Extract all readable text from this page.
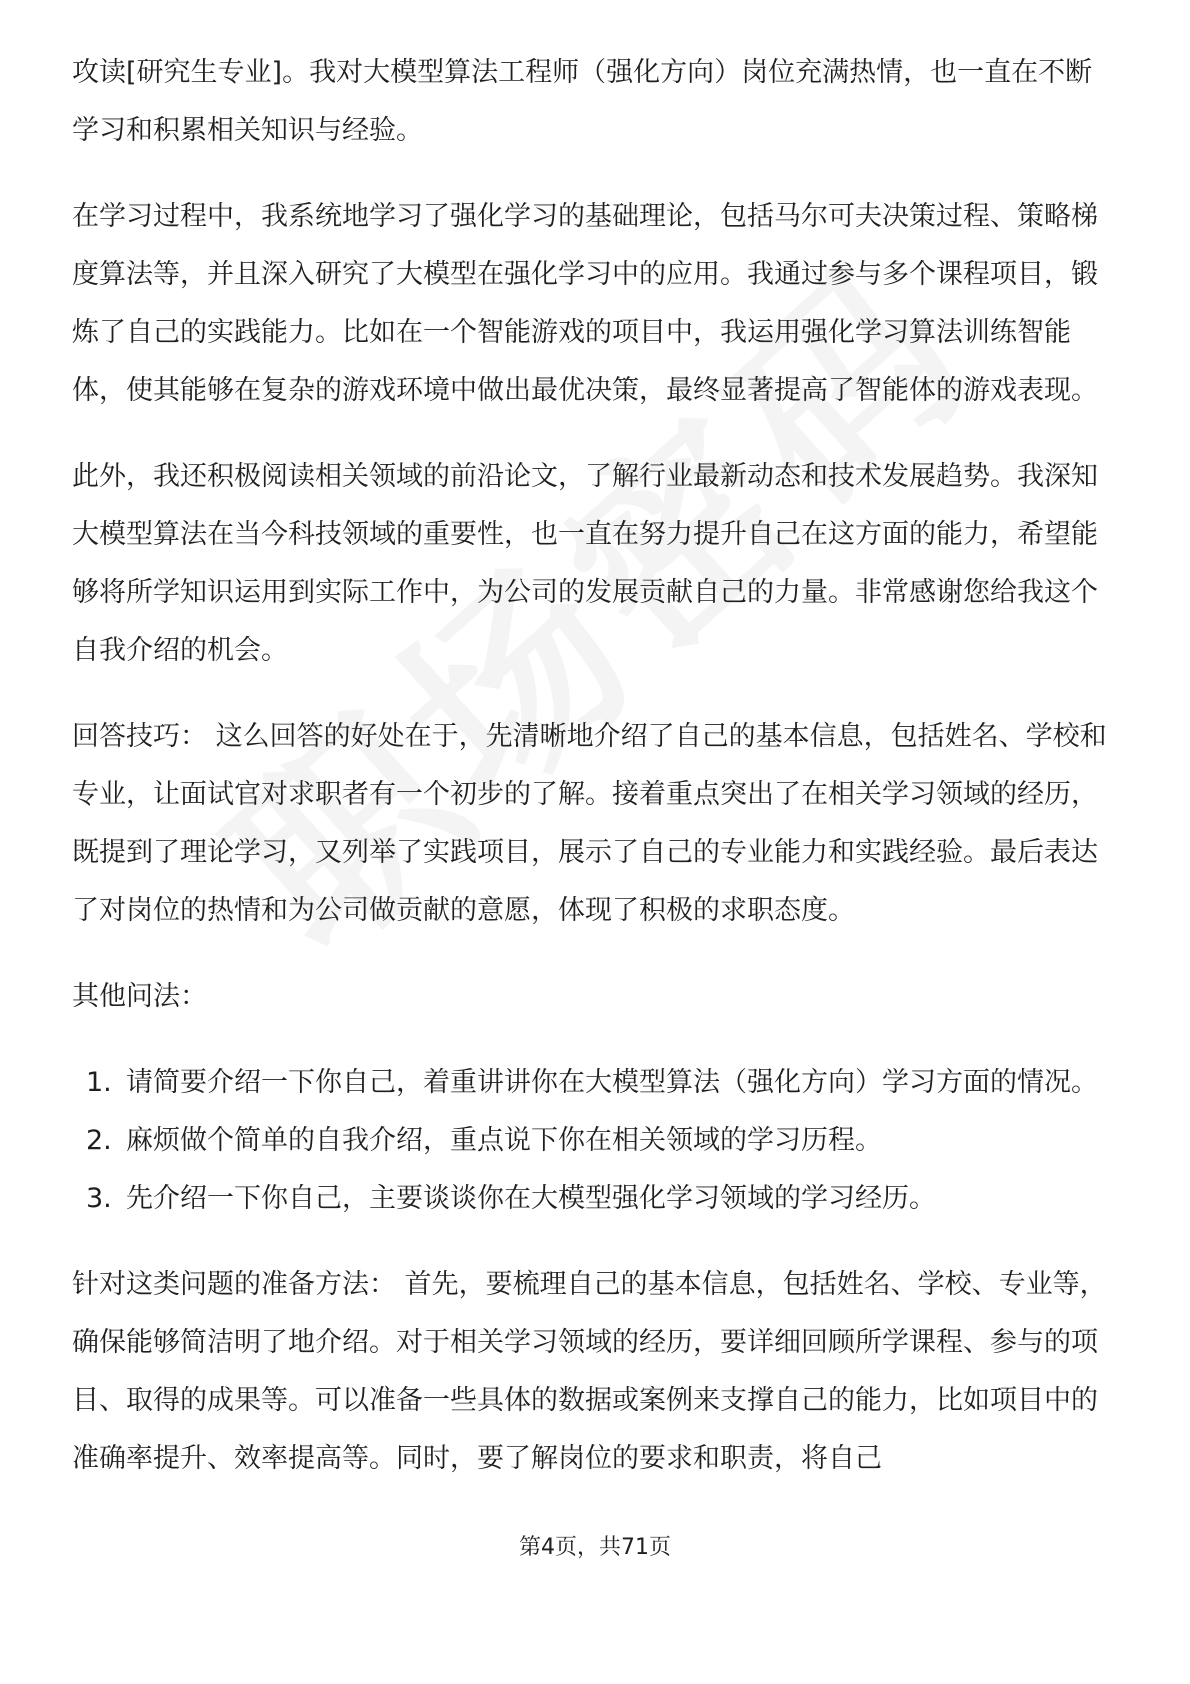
攻读[研究生专业]。我对大模型算法工程师（强化方向）岗位充满热情，也一直在不断学习和积累相关知识与经验。

在学习过程中，我系统地学习了强化学习的基础理论，包括马尔可夫决策过程、策略梯度算法等，并且深入研究了大模型在强化学习中的应用。我通过参与多个课程项目，锻炼了自己的实践能力。比如在一个智能游戏的项目中，我运用强化学习算法训练智能体，使其能够在复杂的游戏环境中做出最优决策，最终显著提高了智能体的游戏表现。

此外，我还积极阅读相关领域的前沿论文，了解行业最新动态和技术发展趋势。我深知大模型算法在当今科技领域的重要性，也一直在努力提升自己在这方面的能力，希望能够将所学知识运用到实际工作中，为公司的发展贡献自己的力量。非常感谢您给我这个自我介绍的机会。

回答技巧： 这么回答的好处在于，先清晰地介绍了自己的基本信息，包括姓名、学校和专业，让面试官对求职者有一个初步的了解。接着重点突出了在相关学习领域的经历，既提到了理论学习，又列举了实践项目，展示了自己的专业能力和实践经验。最后表达了对岗位的热情和为公司做贡献的意愿，体现了积极的求职态度。

其他问法：

1. 请简要介绍一下你自己，着重讲讲你在大模型算法（强化方向）学习方面的情况。
2. 麻烦做个简单的自我介绍，重点说下你在相关领域的学习历程。
3. 先介绍一下你自己，主要谈谈你在大模型强化学习领域的学习经历。

针对这类问题的准备方法： 首先，要梳理自己的基本信息，包括姓名、学校、专业等，确保能够简洁明了地介绍。对于相关学习领域的经历，要详细回顾所学课程、参与的项目、取得的成果等。可以准备一些具体的数据或案例来支撑自己的能力，比如项目中的准确率提升、效率提高等。同时，要了解岗位的要求和职责，将自己

第4页，共71页
